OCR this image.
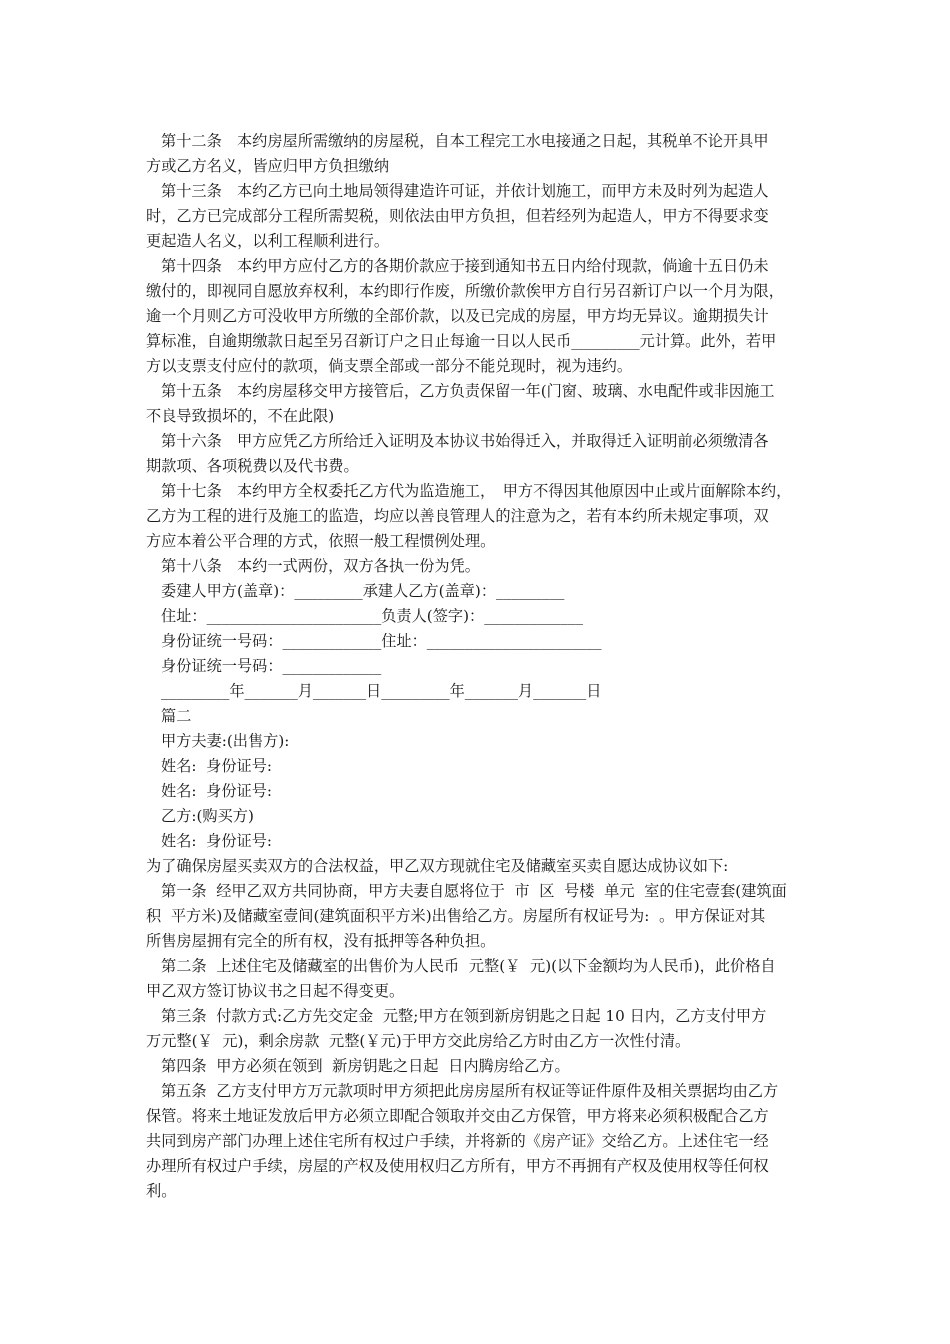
第十二条　本约房屋所需缴纳的房屋税，自本工程完工水电接通之日起，其税单不论开具甲
方或乙方名义，皆应归甲方负担缴纳
第十三条　本约乙方已向土地局领得建造许可证，并依计划施工，而甲方未及时列为起造人
时，乙方已完成部分工程所需契税，则依法由甲方负担，但若经列为起造人，甲方不得要求变
更起造人名义，以利工程顺利进行。
第十四条　本约甲方应付乙方的各期价款应于接到通知书五日内给付现款，倘逾十五日仍未
缴付的，即视同自愿放弃权利，本约即行作废，所缴价款俟甲方自行另召新订户以一个月为限，
逾一个月则乙方可没收甲方所缴的全部价款，以及已完成的房屋，甲方均无异议。逾期损失计
算标准，自逾期缴款日起至另召新订户之日止每逾一日以人民币_________元计算。此外，若甲
方以支票支付应付的款项，倘支票全部或一部分不能兑现时，视为违约。
第十五条　本约房屋移交甲方接管后，乙方负责保留一年(门窗、玻璃、水电配件或非因施工
不良导致损坏的，不在此限)
第十六条　甲方应凭乙方所给迁入证明及本协议书始得迁入，并取得迁入证明前必须缴清各
期款项、各项税费以及代书费。
第十七条　本约甲方全权委托乙方代为监造施工，　甲方不得因其他原因中止或片面解除本约，
乙方为工程的进行及施工的监造，均应以善良管理人的注意为之，若有本约所未规定事项，双
方应本着公平合理的方式，依照一般工程惯例处理。
第十八条　本约一式两份，双方各执一份为凭。
委建人甲方(盖章)：_________承建人乙方(盖章)：_________
住址：_______________________负责人(签字)：_____________
身份证统一号码：_____________住址：_______________________
身份证统一号码：_____________
_________年_______月_______日_________年_______月_______日
篇二
甲方夫妻:(出售方):
姓名:  身份证号:
姓名:  身份证号:
乙方:(购买方)
姓名:  身份证号:
为了确保房屋买卖双方的合法权益，甲乙双方现就住宅及储藏室买卖自愿达成协议如下:
第一条  经甲乙双方共同协商，甲方夫妻自愿将位于  市  区  号楼  单元  室的住宅壹套(建筑面
积  平方米)及储藏室壹间(建筑面积平方米)出售给乙方。房屋所有权证号为:  。甲方保证对其
所售房屋拥有完全的所有权，没有抵押等各种负担。
第二条  上述住宅及储藏室的出售价为人民币  元整(￥  元)(以下金额均为人民币)，此价格自
甲乙双方签订协议书之日起不得变更。
第三条  付款方式:乙方先交定金  元整;甲方在领到新房钥匙之日起 10 日内，乙方支付甲方
万元整(￥  元)，剩余房款  元整(￥元)于甲方交此房给乙方时由乙方一次性付清。
第四条  甲方必须在领到  新房钥匙之日起  日内腾房给乙方。
第五条  乙方支付甲方万元款项时甲方须把此房房屋所有权证等证件原件及相关票据均由乙方
保管。将来土地证发放后甲方必须立即配合领取并交由乙方保管，甲方将来必须积极配合乙方
共同到房产部门办理上述住宅所有权过户手续，并将新的《房产证》交给乙方。上述住宅一经
办理所有权过户手续，房屋的产权及使用权归乙方所有，甲方不再拥有产权及使用权等任何权
利。
